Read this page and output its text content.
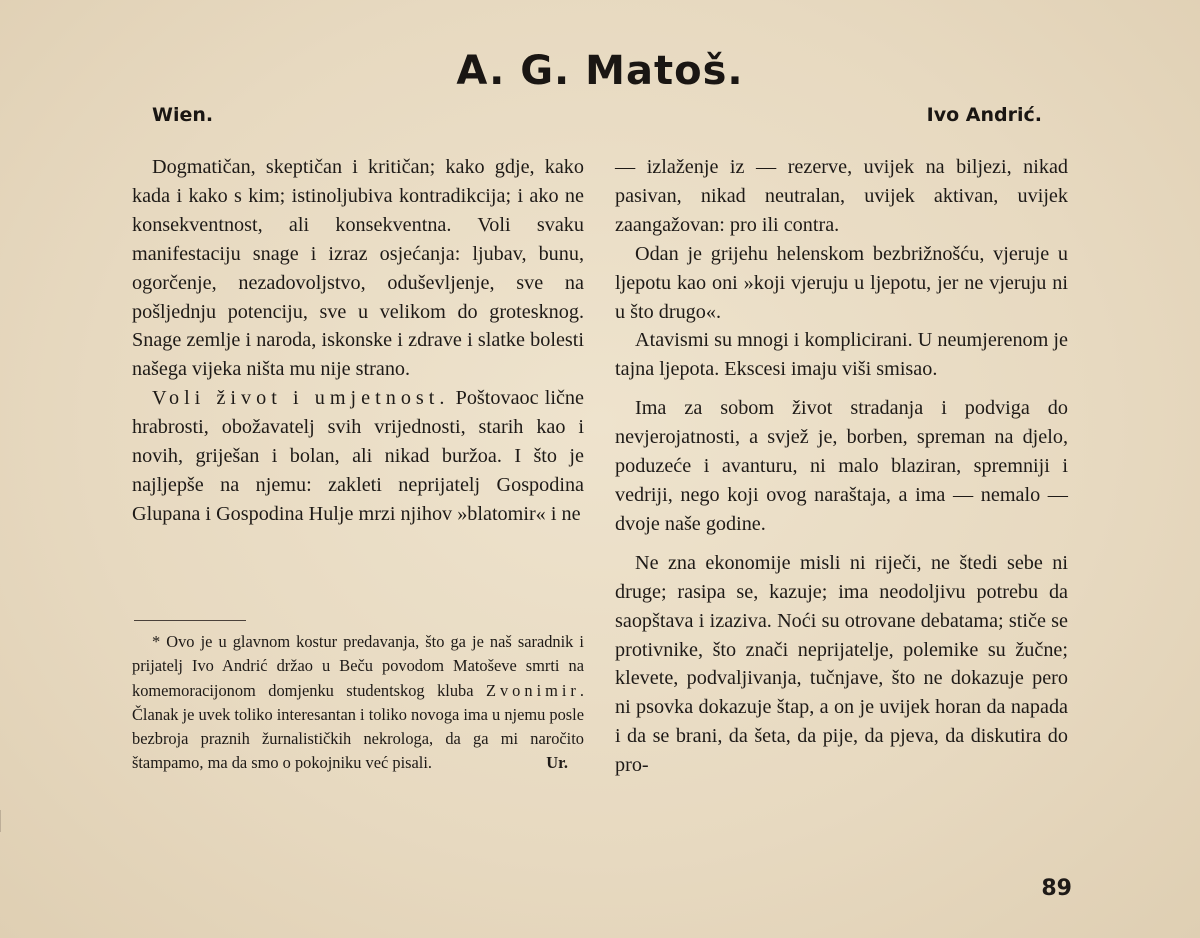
A. G. Matoš.
Wien.	Ivo Andrić.

Dogmatičan, skeptičan i kritičan; kako gdje, kako kada i kako s kim; istinoljubiva kontradikcija; i ako ne konsekventnost, ali konsekventna. Voli svaku manifestaciju snage i izraz osjećanja: ljubav, bunu, ogorčenje, nezadovoljstvo, oduševljenje, sve na pošljednju potenciju, sve u velikom do grotesknog. Snage zemlje i naroda, iskonske i zdrave i slatke bolesti našega vijeka ništa mu nije strano.

Voli život i umjetnost. Poštovaoc lične hrabrosti, obožavatelj svih vrijednosti, starih kao i novih, griješan i bolan, ali nikad buržoa. I što je najljepše na njemu: zakleti neprijatelj Gospodina Glupana i Gospodina Hulje mrzi njihov »blatomir« i ne

* Ovo je u glavnom kostur predavanja, što ga je naš saradnik i prijatelj Ivo Andrić držao u Beču povodom Matoševe smrti na komemoracijonom domjenku studentskog kluba Zvonimir. Članak je uvek toliko interesantan i toliko novoga ima u njemu posle bezbroja praznih žurnalističkih nekrologa, da ga mi naročito štampamo, ma da smo o pokojniku već pisali.	Ur.

— izlaženje iz — rezerve, uvijek na biljezi, nikad pasivan, nikad neutralan, uvijek aktivan, uvijek zaangažovan: pro ili contra.

Odan je grijehu helenskom bezbrižnošću, vjeruje u ljepotu kao oni »koji vjeruju u ljepotu, jer ne vjeruju ni u što drugo«.

Atavismi su mnogi i komplicirani. U neumjerenom je tajna ljepota. Ekscesi imaju viši smisao.

Ima za sobom život stradanja i podviga do nevjerojatnosti, a svjež je, borben, spreman na djelo, poduzeće i avanturu, ni malo blaziran, spremniji i vedriji, nego koji ovog naraštaja, a ima — nemalo — dvoje naše godine.

Ne zna ekonomije misli ni riječi, ne štedi sebe ni druge; rasipa se, kazuje; ima neodoljivu potrebu da saopštava i izaziva. Noći su otrovane debatama; stiče se protivnike, što znači neprijatelje, polemike su žučne; klevete, podvaljivanja, tučnjave, što ne dokazuje pero ni psovka dokazuje štap, a on je uvijek horan da napada i da se brani, da šeta, da pije, da pjeva, da diskutira do pro-

89
